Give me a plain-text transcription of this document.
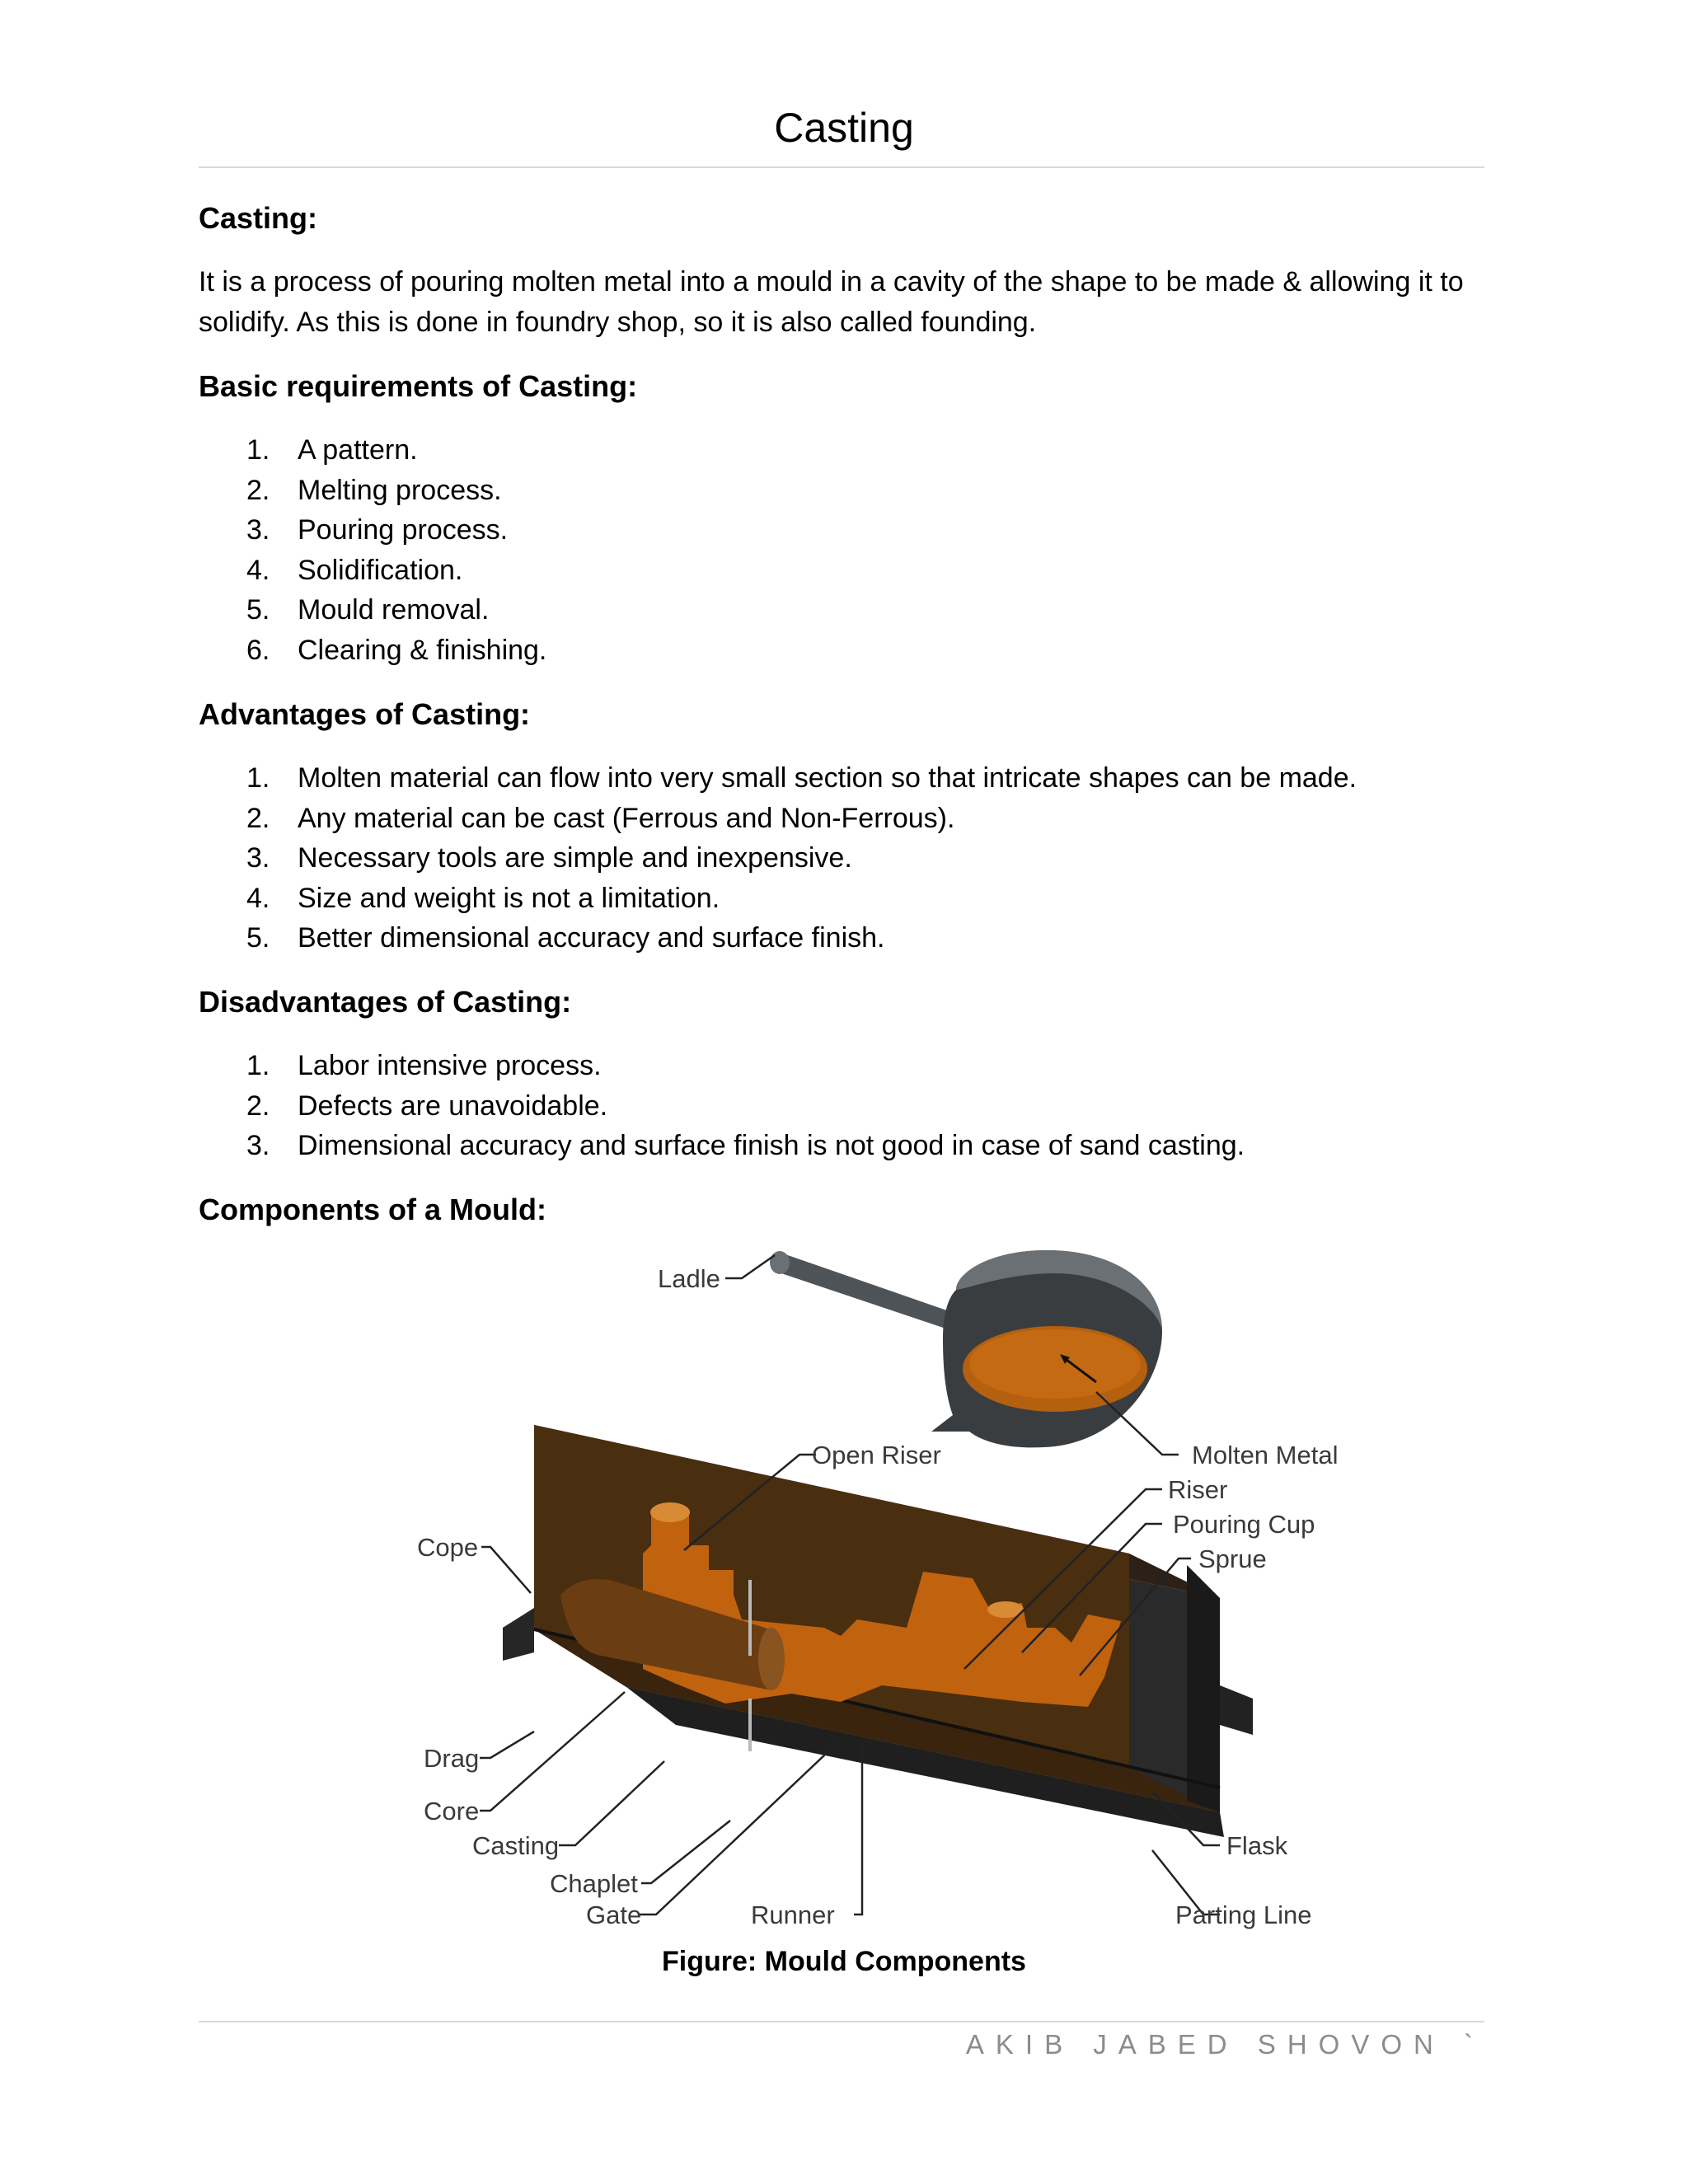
Casting
Casting:

It is a process of pouring molten metal into a mould in a cavity of the shape to be made & allowing it to

solidify. As this is done in foundry shop, so it is also called founding.

Basic requirements of Casting:
1. A pattern.
2. Melting process.
3. Pouring process.
4. Solidification.
5. Mould removal.
6. Clearing & finishing.
Advantages of Casting:
1. Molten material can flow into very small section so that intricate shapes can be made.
2. Any material can be cast (Ferrous and Non-Ferrous).
3. Necessary tools are simple and inexpensive.
4. Size and weight is not a limitation.
5. Better dimensional accuracy and surface finish.
Disadvantages of Casting:
1. Labor intensive process.
2. Defects are unavoidable.
3. Dimensional accuracy and surface finish is not good in case of sand casting.
Components of a Mould:
Ladle
Molten Metal
Open Riser
Riser
Pouring Cup
Sprue
Cope
Drag
Core
Casting
Chaplet
Gate	Runner
Flask
Parting Line
Figure: Mould Components
AKIB JABED SHOVON `
